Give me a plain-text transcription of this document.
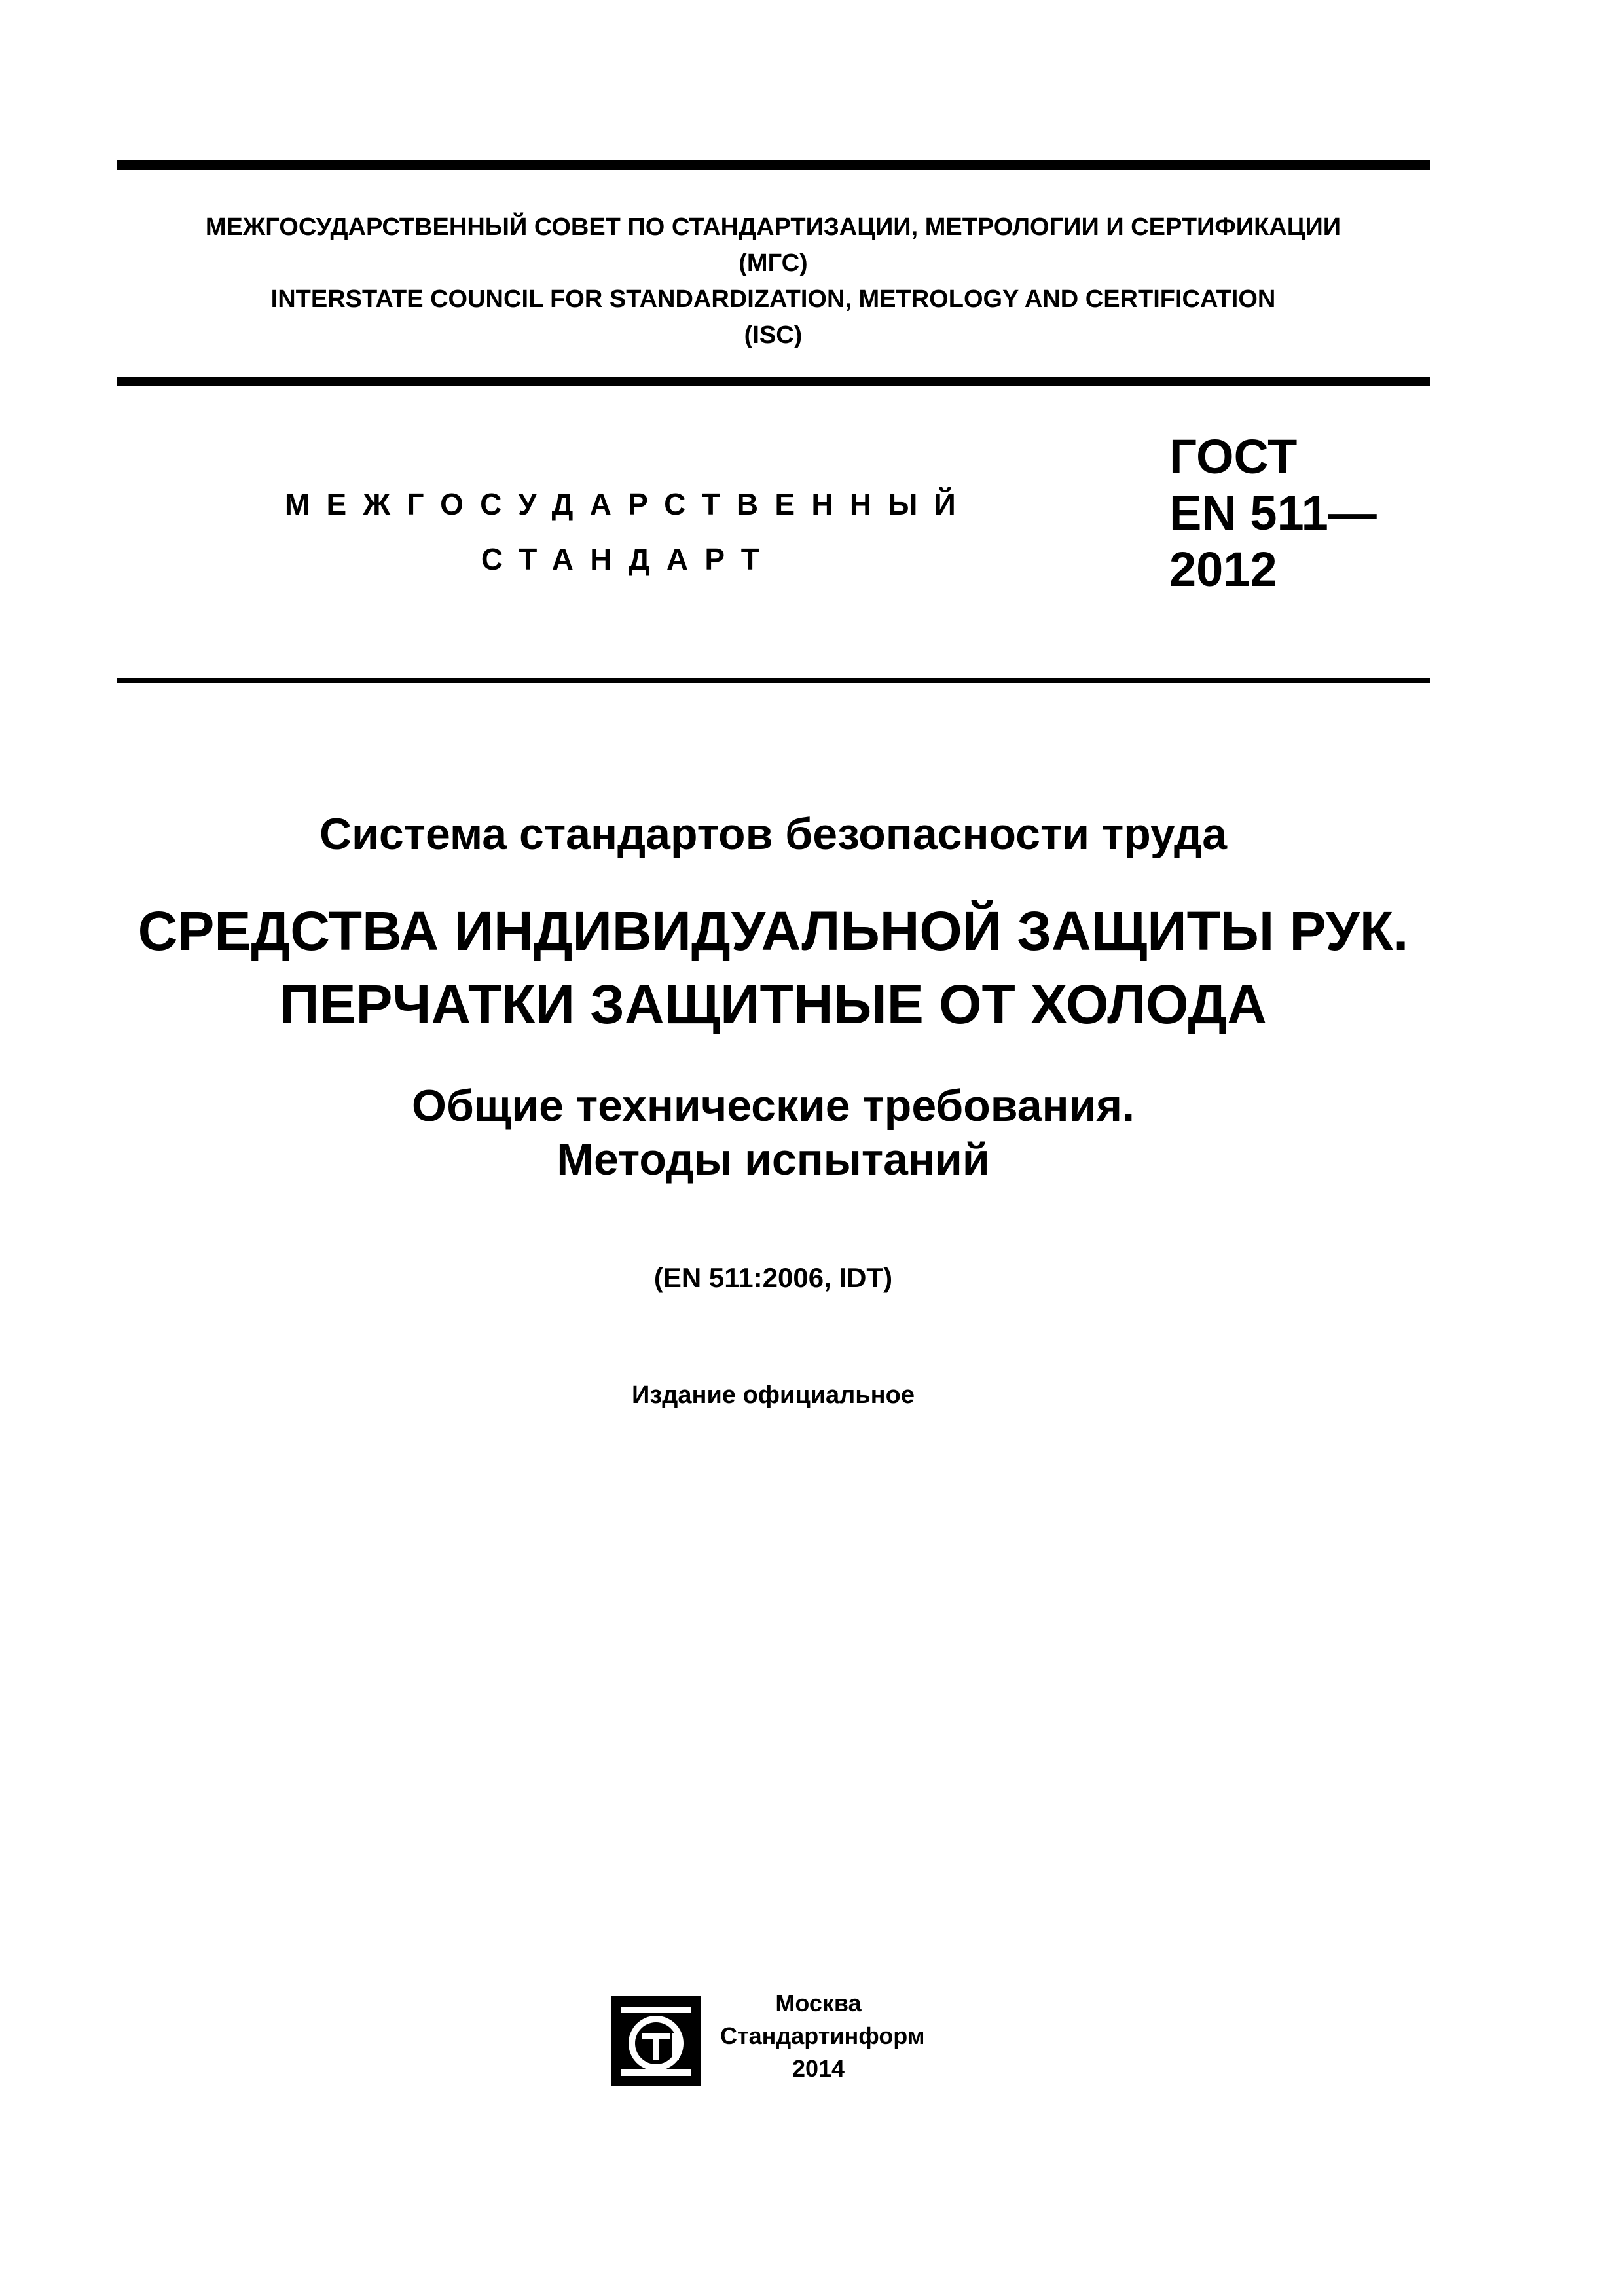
МЕЖГОСУДАРСТВЕННЫЙ СОВЕТ ПО СТАНДАРТИЗАЦИИ, МЕТРОЛОГИИ И СЕРТИФИКАЦИИ
(МГС)
INTERSTATE COUNCIL FOR STANDARDIZATION, METROLOGY AND CERTIFICATION
(ISC)
МЕЖГОСУДАРСТВЕННЫЙ
СТАНДАРТ
ГОСТ
EN 511—
2012
Система стандартов безопасности труда
СРЕДСТВА ИНДИВИДУАЛЬНОЙ ЗАЩИТЫ РУК.
ПЕРЧАТКИ ЗАЩИТНЫЕ ОТ ХОЛОДА
Общие технические требования.
Методы испытаний
(EN 511:2006, IDT)
Издание официальное
Москва
Стандартинформ
2014
